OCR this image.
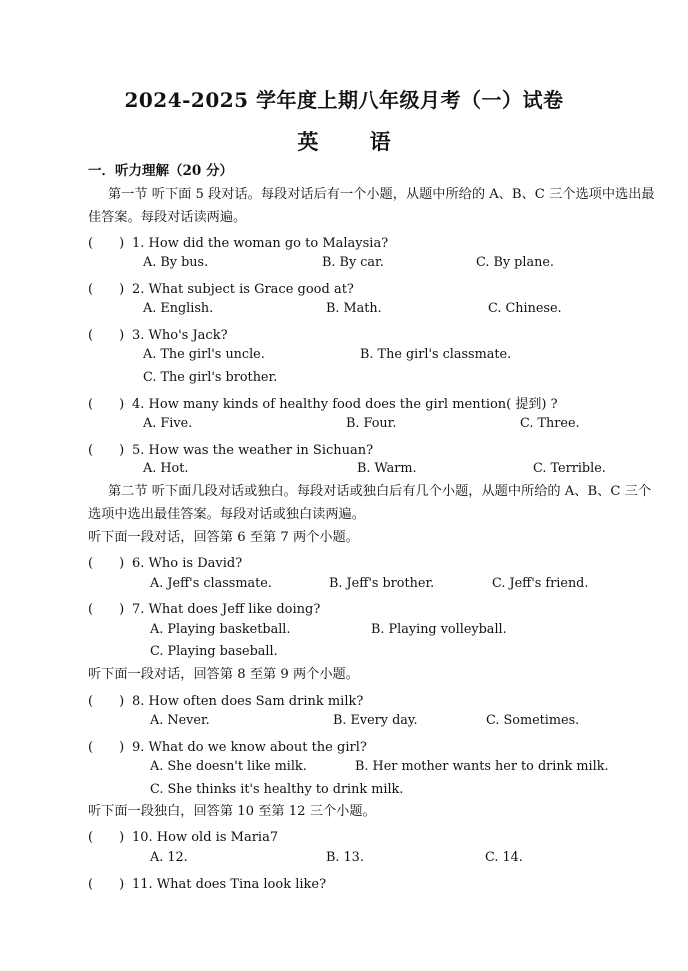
2024-2025 学年度上期八年级月考（一）试卷
英 语
一．听力理解（20 分）
第一节 听下面 5 段对话。每段对话后有一个小题，从题中所给的 A、B、C 三个选项中选出最佳答案。每段对话读两遍。
(　　) 1. How did the woman go to Malaysia?
A. By bus.	B. By car.	C. By plane.
(　　) 2. What subject is Grace good at?
A. English.	B. Math.	C. Chinese.
(　　) 3. Who's Jack?
A. The girl's uncle.	B. The girl's classmate.
C. The girl's brother.
(　　) 4. How many kinds of healthy food does the girl mention( 提到) ?
A. Five.	B. Four.	C. Three.
(　　) 5. How was the weather in Sichuan?
A. Hot.	B. Warm.	C. Terrible.
第二节 听下面几段对话或独白。每段对话或独白后有几个小题，从题中所给的 A、B、C 三个选项中选出最佳答案。每段对话或独白读两遍。
听下面一段对话，回答第 6 至第 7 两个小题。
(　　) 6. Who is David?
A. Jeff's classmate.	B. Jeff's brother.	C. Jeff's friend.
(　　) 7. What does Jeff like doing?
A. Playing basketball.	B. Playing volleyball.
C. Playing baseball.
听下面一段对话，回答第 8 至第 9 两个小题。
(　　) 8. How often does Sam drink milk?
A. Never.	B. Every day.	C. Sometimes.
(　　) 9. What do we know about the girl?
A. She doesn't like milk.	B. Her mother wants her to drink milk.
C. She thinks it's healthy to drink milk.
听下面一段独白，回答第 10 至第 12 三个小题。
(　　) 10. How old is Maria7
A. 12.	B. 13.	C. 14.
(　　) 11. What does Tina look like?
